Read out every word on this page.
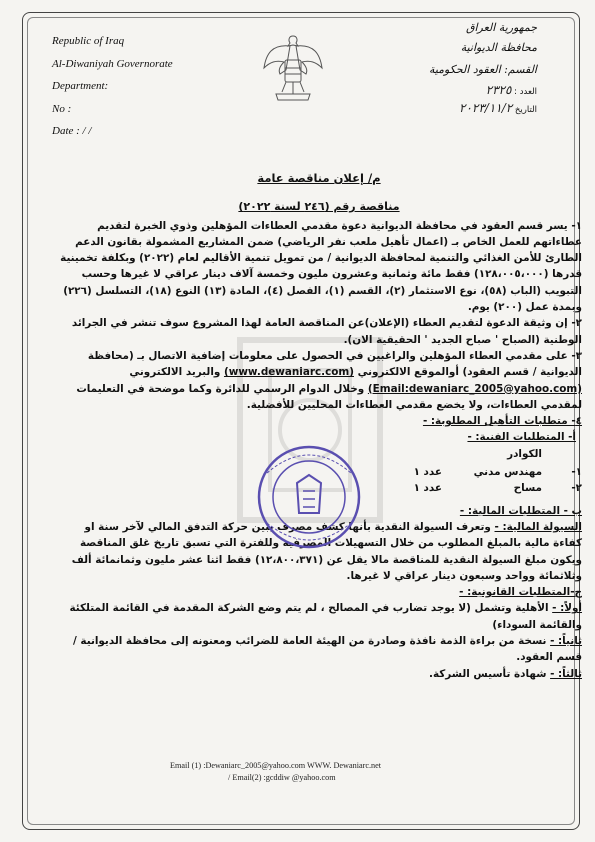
Republic of Iraq
Al-Diwaniyah Governorate
Department:
No :
Date : / /
جمهورية العراق
محافظة الديوانية
القسم: العقود الحكومية
العدد : ٢٣٢٥
التاريخ ٢٠٢٣/١١/٢
م/ إعلان مناقصة عامة
مناقصة رقم (٢٤٦ لسنة ٢٠٢٢)

١- يسر قسم العقود في محافظة الديوانية دعوة مقدمي العطاءات المؤهلين وذوي الخبرة لتقديم عطاءاتهم للعمل الخاص بـ (اعمال تأهيل ملعب نفر الرياضي) ضمن المشاريع المشمولة بقانون الدعم الطارئ للأمن الغذائي والتنمية لمحافظة الديوانية / من تمويل تنمية الأقاليم لعام (٢٠٢٢) وبكلفة تخمينية قدرها (١٢٨،٠٠٥،٠٠٠) فقط مائة وثمانية وعشرون مليون وخمسة آلاف دينار عراقي لا غيرها وحسب التبويب (الباب (٥٨)، نوع الاستثمار (٢)، القسم (١)، الفصل (٤)، المادة (١٣) النوع (١٨)، التسلسل (٢٢٦) وبمدة عمل (٢٠٠) يوم.

٢- إن وثيقة الدعوة لتقديم العطاء (الإعلان)عن المناقصة العامة لهذا المشروع سوف تنشر في الجرائد الوطنية (الصباح ' صباح الجديد ' الحقيقية الان).

٣- على مقدمي العطاء المؤهلين والراغبين في الحصول على معلومات إضافية الاتصال بـ (محافظة الديوانية / قسم العقود) أوالموقع الالكتروني (www.dewaniarc.com) والبريد الالكتروني (Email:dewaniarc_2005@yahoo.com) وخلال الدوام الرسمي للدائرة وكما موضحة في التعليمات لمقدمي العطاءات، ولا يخضع مقدمي العطاءات المحليين للأفضلية.

٤- متطلبات التأهيل المطلوبة: -

أ- المتطلبات الفنية: -

الكوادر

١-
مهندس مدني
عدد ١
٢-
مساح
عدد ١

ب - المتطلبات المالية: -

السيولة المالية: - وتعرف السيولة النقدية بأنها كشف مصرف يبين حركة التدفق المالي لآخر سنة او كفاءة مالية بالمبلغ المطلوب من خلال التسهيلات المصرفية وللفترة التي تسبق تاريخ غلق المناقصة ويكون مبلغ السيولة النقدية للمناقصة مالا يقل عن (١٢،٨٠٠،٣٧١) فقط اثنا عشر مليون وثمانمائة ألف وثلاثمائة وواحد وسبعون دينار عراقي لا غيرها.

ج-المتطلبات القانونية: -

أولاً: - الأهلية وتشمل (لا يوجد تضارب في المصالح ، لم يتم وضع الشركة المقدمة في القائمة المتلكئة والقائمة السوداء)

ثانياً: - نسخة من براءة الذمة نافذة وصادرة من الهيئة العامة للضرائب ومعنونه إلى محافظة الديوانية / قسم العقود.

ثالثاً: - شهادة تأسيس الشركة.

Email (1) :Dewaniarc_2005@yahoo.com WWW. Dewaniarc.net
/ Email(2) :gcddiw @yahoo.com
